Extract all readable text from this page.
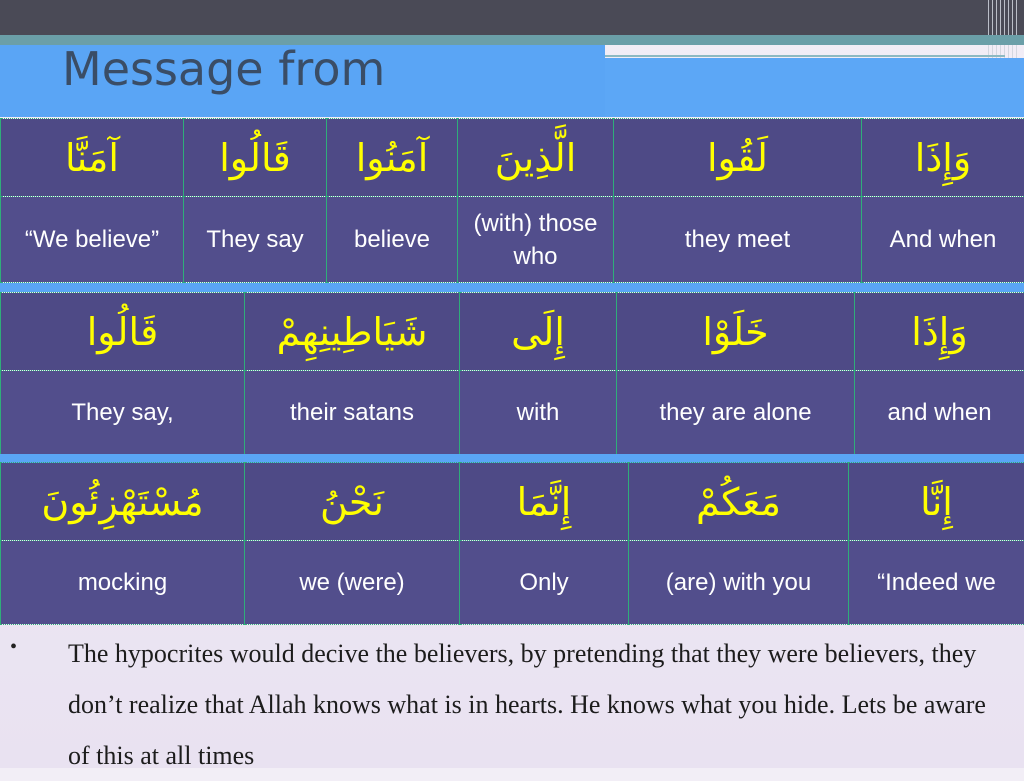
Message from
آمَنَّا	قَالُوا	آمَنُوا	الَّذِينَ	لَقُوا	وَإِذَا
“We believe”	They say	believe	(with) those who	they meet	And when
قَالُوا	شَيَاطِينِهِمْ	إِلَى	خَلَوْا	وَإِذَا
They say,	their satans	with	they are alone	and when
مُسْتَهْزِئُونَ	نَحْنُ	إِنَّمَا	مَعَكُمْ	إِنَّا
mocking	we (were)	Only	(are) with you	“Indeed we
• The hypocrites would decive the believers, by pretending that they were believers, they don’t realize that Allah knows what is in hearts. He knows what you hide. Lets be aware of this at all times
